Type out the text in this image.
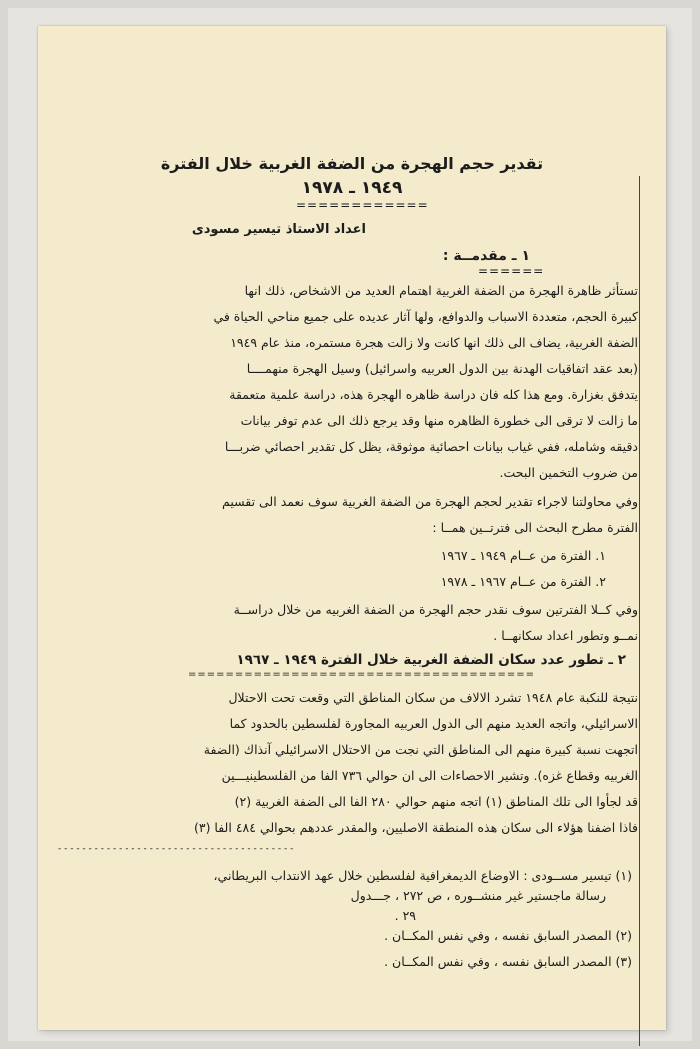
تقدير حجم الهجرة من الضفة الغربية خلال الفترة
١٩٤٩ ـ ١٩٧٨
============
اعداد الاستاذ تيسير مسودى
١ ـ مقدمــة :
======
تستأثر ظاهرة الهجرة من الضفة الغربية اهتمام العديد من الاشخاص، ذلك انها
كبيرة الحجم، متعددة الاسباب والدوافع، ولها آثار عديده على جميع مناحي الحياة في
الضفة الغربية، يضاف الى ذلك انها كانت ولا زالت هجرة مستمره، منذ عام ١٩٤٩
(بعد عقد اتفاقيات الهدنة بين الدول العربيه واسرائيل) وسيل الهجرة منهمــــا
يتدفق بغزارة. ومع هذا كله فان دراسة ظاهره الهجرة هذه، دراسة علمية متعمقة
ما زالت لا ترقى الى خطورة الظاهره منها وقد يرجع ذلك الى عدم توفر بيانات
دقيقه وشامله، ففي غياب بيانات احصائية موثوقة، يظل كل تقدير احصائي ضربـــا
من ضروب التخمين البحت.
وفي محاولتنا لاجراء تقدير لحجم الهجرة من الضفة الغربية سوف نعمد الى تقسيم
الفترة مطرح البحث الى فترتــين همــا :
١. الفترة من عــام ١٩٤٩ ـ ١٩٦٧
٢. الفترة من عــام ١٩٦٧ ـ ١٩٧٨
وفي كــلا الفترتين سوف نقدر حجم الهجرة من الضفة الغربيه من خلال دراســة
نمــو وتطور اعداد سكانهــا .
٢ ـ تطور عدد سكان الضفة الغربية خلال الفترة ١٩٤٩ ـ ١٩٦٧
=====================================
نتيجة للنكبة عام ١٩٤٨ تشرد الالاف من سكان المناطق التي وقعت تحت الاحتلال
الاسرائيلي، واتجه العديد منهم الى الدول العربيه المجاورة لفلسطين بالحدود كما
اتجهت نسبة كبيرة منهم الى المناطق التي نجت من الاحتلال الاسرائيلي آنذاك (الضفة
الغربيه وقطاع غزه). وتشير الاحصاءات الى ان حوالي ٧٣٦ الفا من الفلسطينيـــين
قد لجأوا الى تلك المناطق (١) اتجه منهم حوالي ٢٨٠ الفا الى الضفة الغربية (٢)
فاذا اضفنا هؤلاء الى سكان هذه المنطقة الاصليين، والمقدر عددهم بحوالي ٤٨٤ الفا (٣)
- - - - - - - - - - - - - - - - - - - - - - - - - - - - - - - - - - - - - - -
(١) تيسير مســودى : الاوضاع الديمغرافية لفلسطين خلال عهد الانتداب البريطاني،
رسالة ماجستير غير منشــوره ، ص ٢٧٢ ، جـــدول
٢٩ .
(٢) المصدر السابق نفسه ، وفي نفس المكــان .
(٣) المصدر السابق نفسه ، وفي نفس المكــان .
